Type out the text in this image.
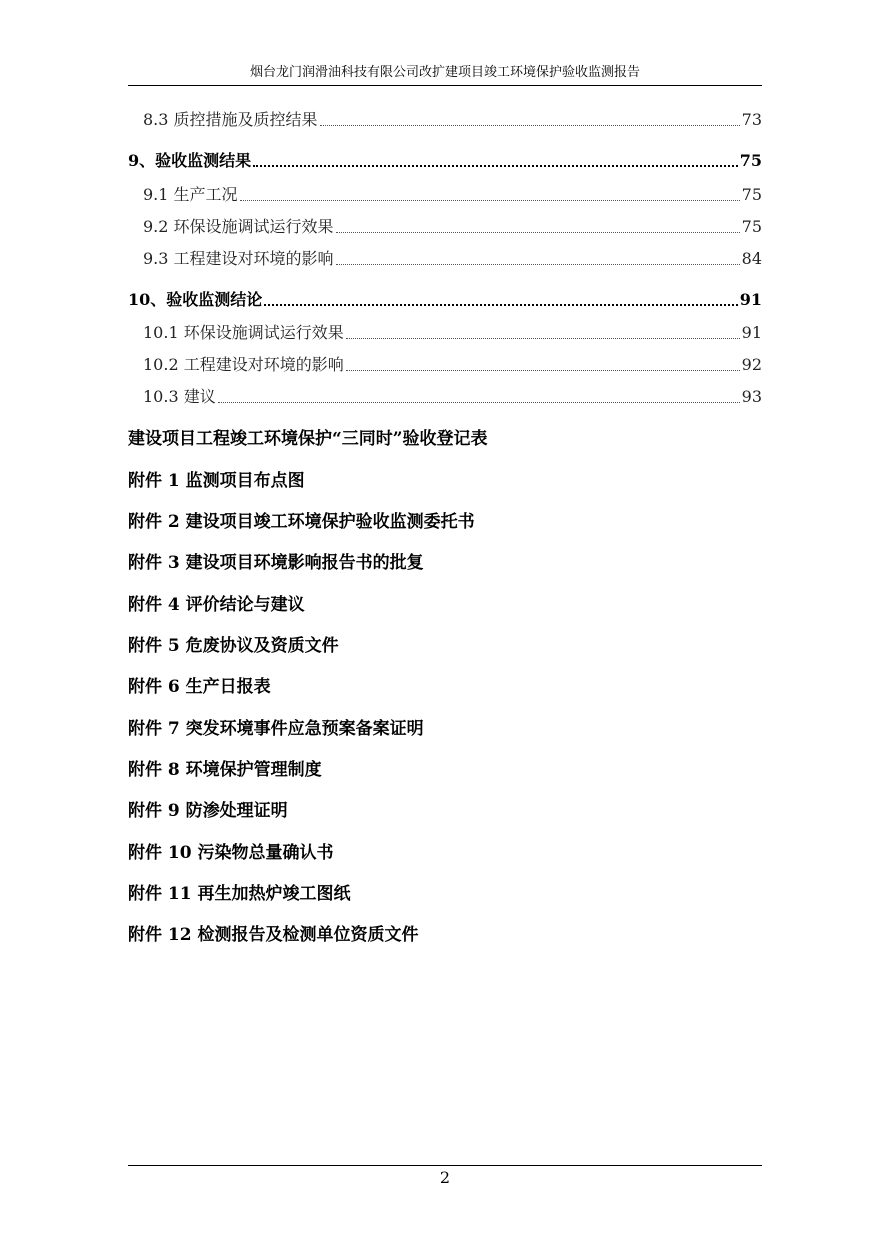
烟台龙门润滑油科技有限公司改扩建项目竣工环境保护验收监测报告
8.3 质控措施及质控结果	73
9、验收监测结果	75
9.1 生产工况	75
9.2 环保设施调试运行效果	75
9.3 工程建设对环境的影响	84
10、验收监测结论	91
10.1 环保设施调试运行效果	91
10.2 工程建设对环境的影响	92
10.3 建议	93
建设项目工程竣工环境保护“三同时”验收登记表
附件 1 监测项目布点图
附件 2 建设项目竣工环境保护验收监测委托书
附件 3 建设项目环境影响报告书的批复
附件 4 评价结论与建议
附件 5 危废协议及资质文件
附件 6 生产日报表
附件 7 突发环境事件应急预案备案证明
附件 8 环境保护管理制度
附件 9 防渗处理证明
附件 10 污染物总量确认书
附件 11 再生加热炉竣工图纸
附件 12 检测报告及检测单位资质文件
2
